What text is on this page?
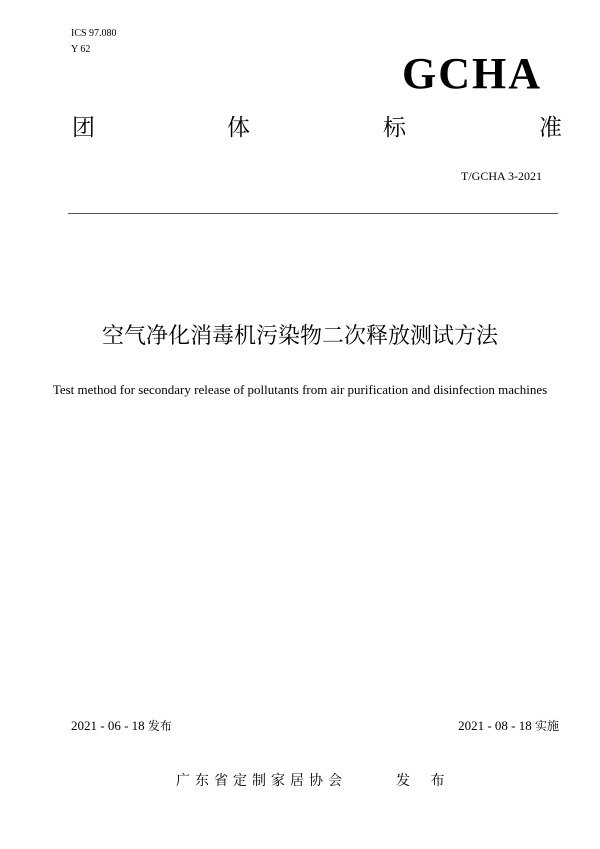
ICS 97.080
Y 62	GCHA
团	体	标	准
T/GCHA 3-2021
空气净化消毒机污染物二次释放测试方法
Test method for secondary release of pollutants from air purification and disinfection machines
2021 - 06 - 18 发布	2021 - 08 - 18 实施
广东省定制家居协会	发 布
